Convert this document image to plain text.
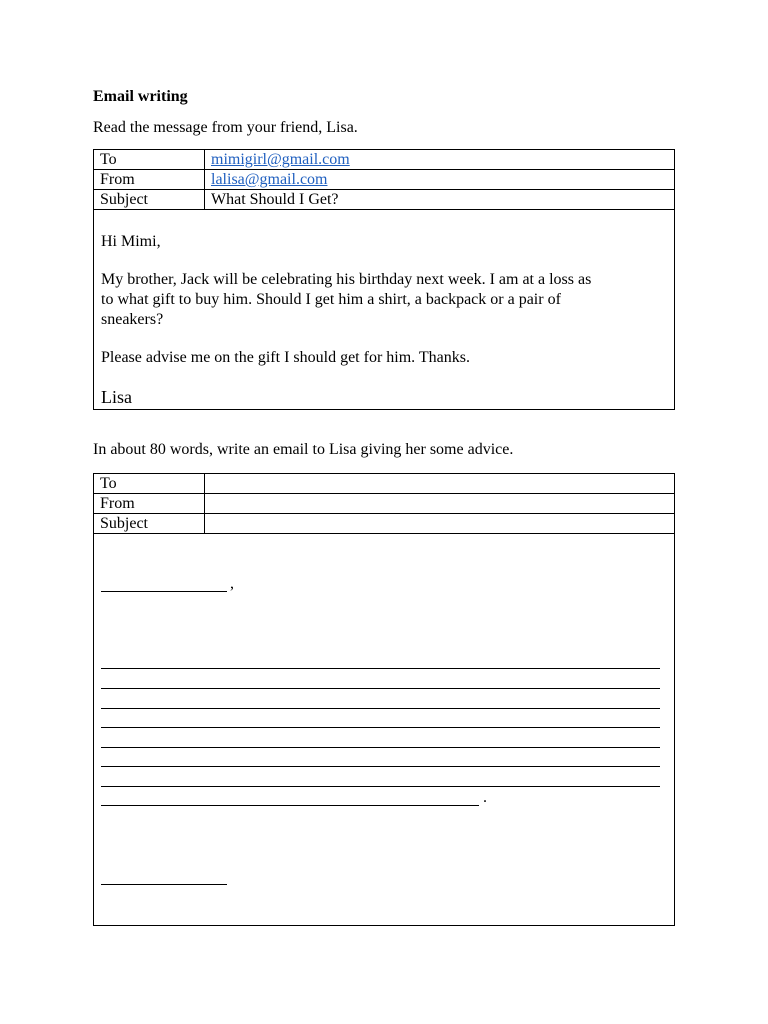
Email writing
Read the message from your friend, Lisa.
To	mimigirl@gmail.com
From	lalisa@gmail.com
Subject	What Should I Get?
Hi Mimi,
My brother, Jack will be celebrating his birthday next week. I am at a loss as
to what gift to buy him. Should I get him a shirt, a backpack or a pair of
sneakers?
Please advise me on the gift I should get for him. Thanks.
Lisa
In about 80 words, write an email to Lisa giving her some advice.
To	
From	
Subject	
,
.
